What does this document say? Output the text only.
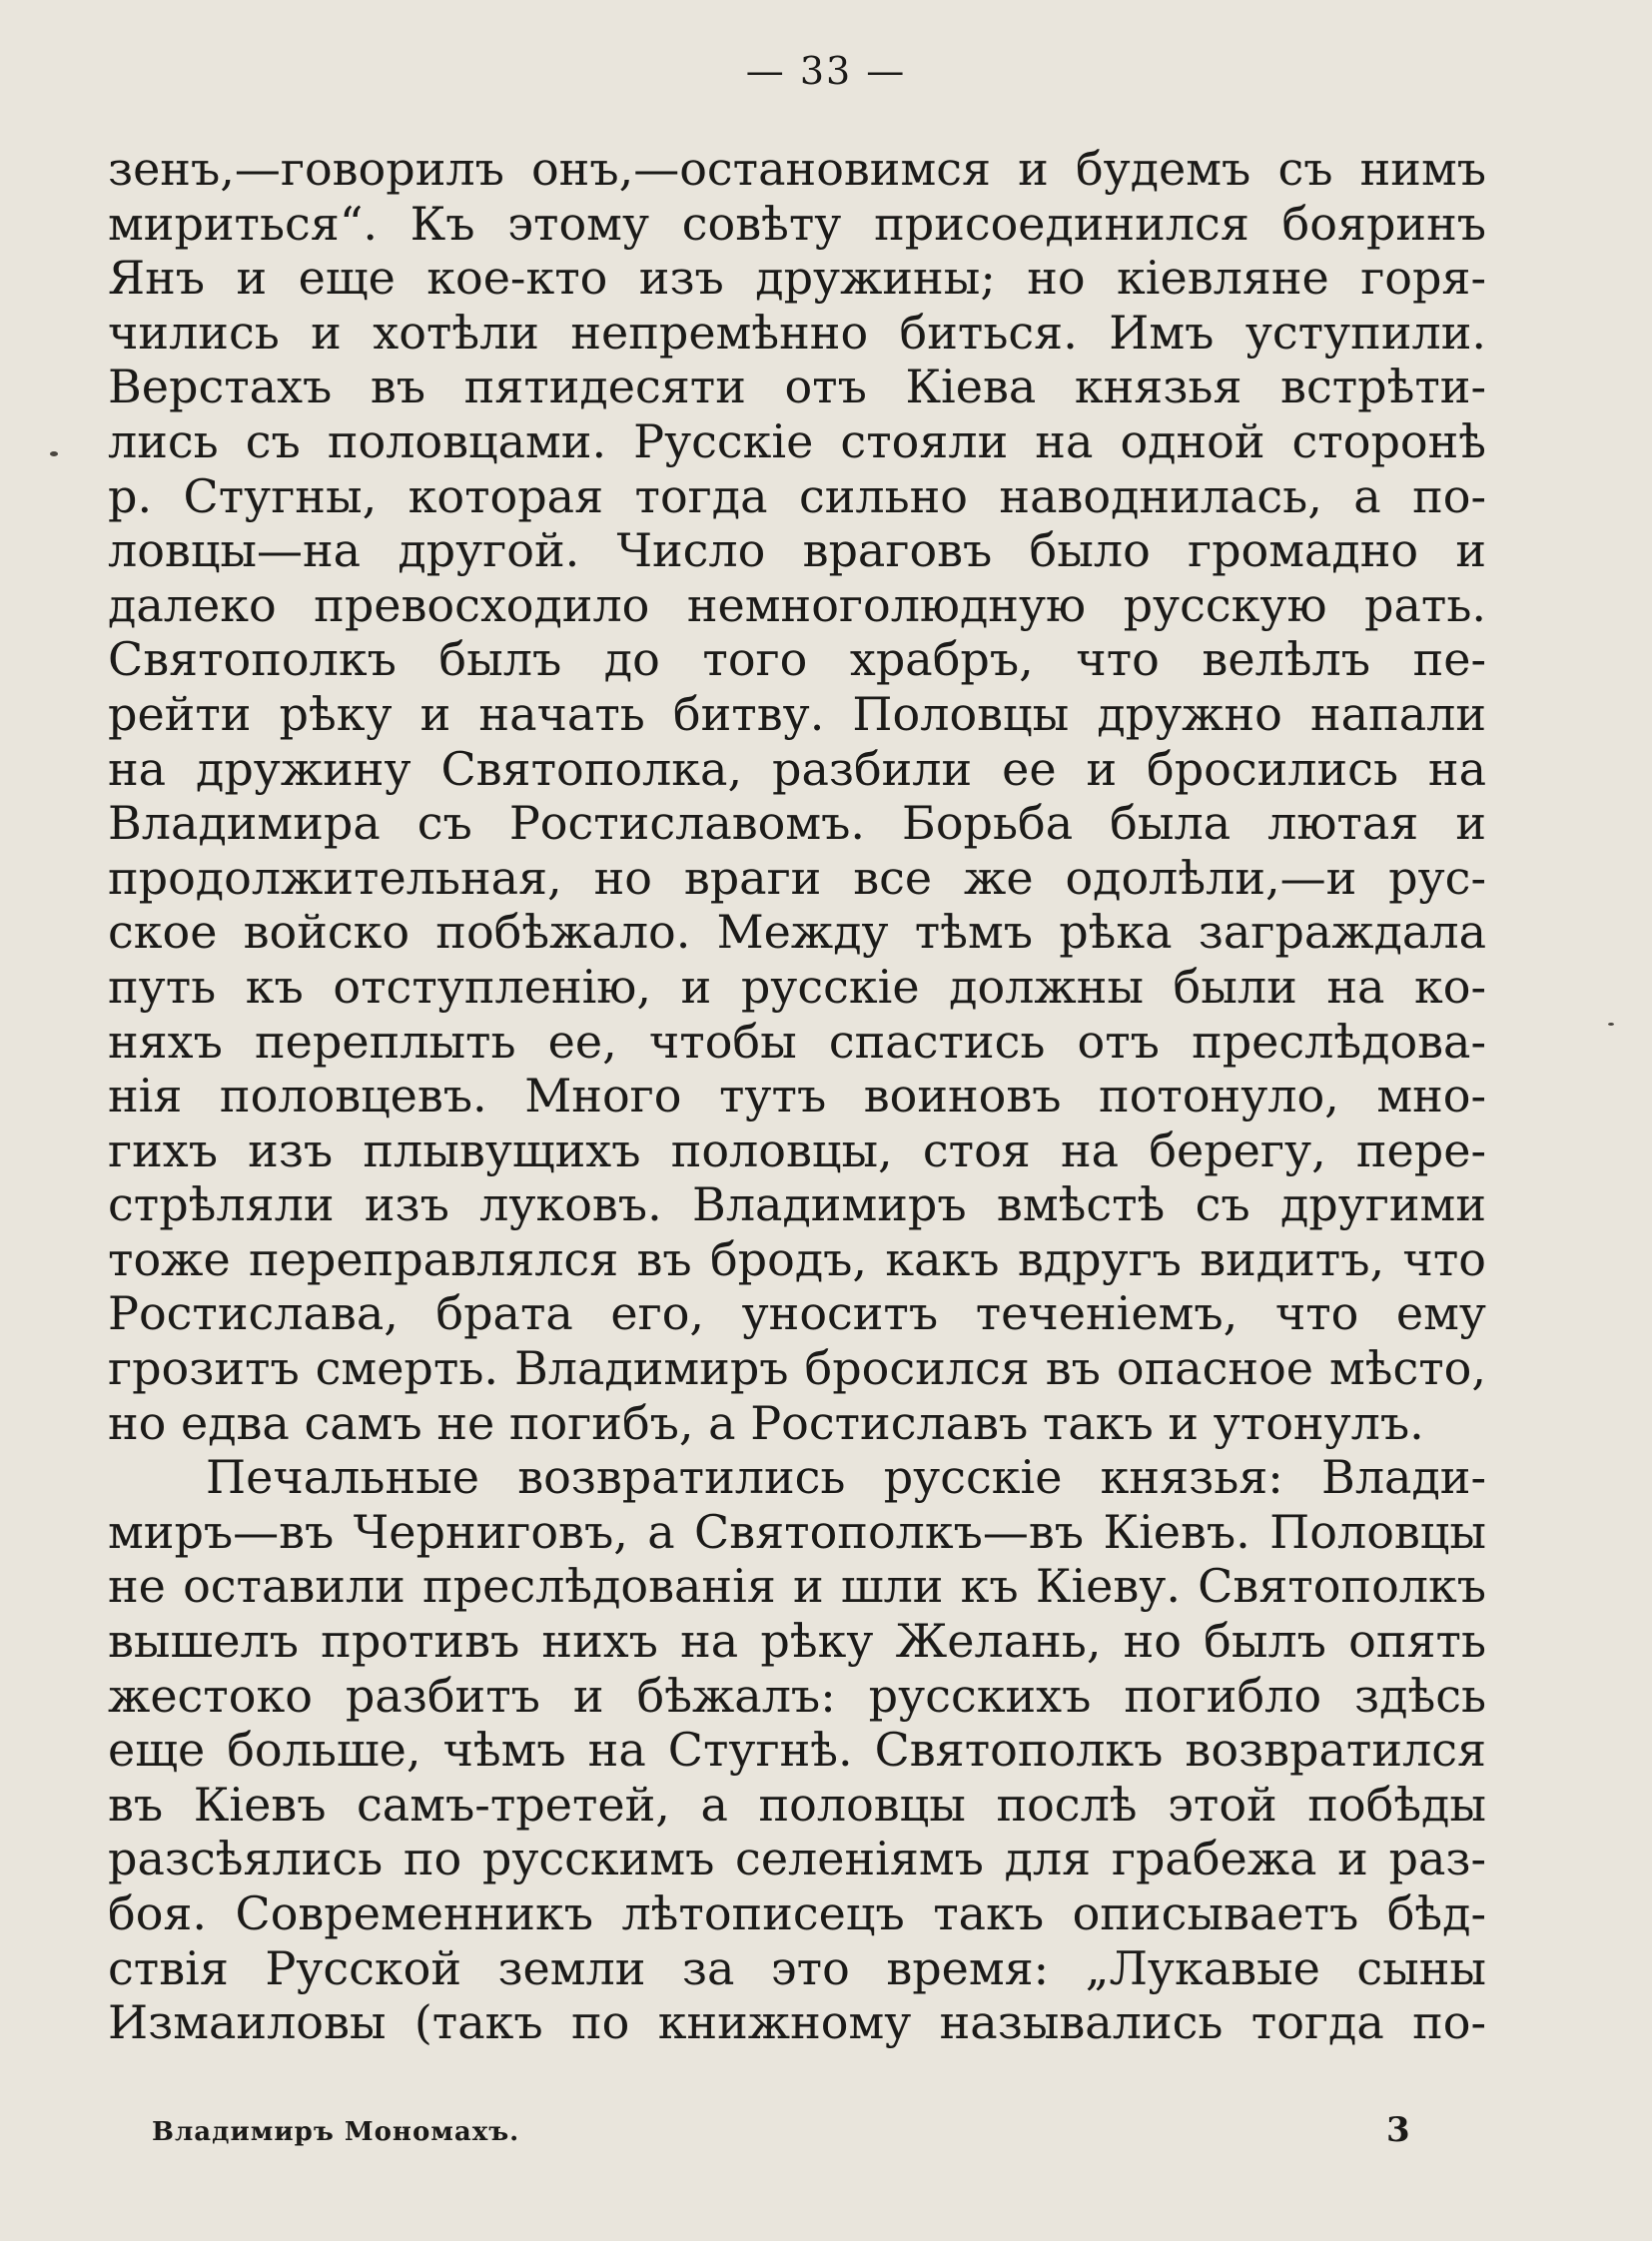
— 33 —
зенъ,—говорилъ онъ,—остановимся и будемъ съ нимъ
мириться“. Къ этому совѣту присоединился бояринъ
Янъ и еще кое-кто изъ дружины; но кіевляне горя-
чились и хотѣли непремѣнно биться. Имъ уступили.
Верстахъ въ пятидесяти отъ Кіева князья встрѣти-
лись съ половцами. Русскіе стояли на одной сторонѣ
р. Стугны, которая тогда сильно наводнилась, а по-
ловцы—на другой. Число враговъ было громадно и
далеко превосходило немноголюдную русскую рать.
Святополкъ былъ до того храбръ, что велѣлъ пе-
рейти рѣку и начать битву. Половцы дружно напали
на дружину Святополка, разбили ее и бросились на
Владимира съ Ростиславомъ. Борьба была лютая и
продолжительная, но враги все же одолѣли,—и рус-
ское войско побѣжало. Между тѣмъ рѣка заграждала
путь къ отступленію, и русскіе должны были на ко-
няхъ переплыть ее, чтобы спастись отъ преслѣдова-
нія половцевъ. Много тутъ воиновъ потонуло, мно-
гихъ изъ плывущихъ половцы, стоя на берегу, пере-
стрѣляли изъ луковъ. Владимиръ вмѣстѣ съ другими
тоже переправлялся въ бродъ, какъ вдругъ видитъ, что
Ростислава, брата его, уноситъ теченіемъ, что ему
грозитъ смерть. Владимиръ бросился въ опасное мѣсто,
но едва самъ не погибъ, а Ростиславъ такъ и утонулъ.
Печальные возвратились русскіе князья: Влади-
миръ—въ Черниговъ, а Святополкъ—въ Кіевъ. Половцы
не оставили преслѣдованія и шли къ Кіеву. Святополкъ
вышелъ противъ нихъ на рѣку Желань, но былъ опять
жестоко разбитъ и бѣжалъ: русскихъ погибло здѣсь
еще больше, чѣмъ на Стугнѣ. Святополкъ возвратился
въ Кіевъ самъ-третей, а половцы послѣ этой побѣды
разсѣялись по русскимъ селеніямъ для грабежа и раз-
боя. Современникъ лѣтописецъ такъ описываетъ бѣд-
ствія Русской земли за это время: „Лукавые сыны
Измаиловы (такъ по книжному назывались тогда по-
Владимиръ Мономахъ.	3
